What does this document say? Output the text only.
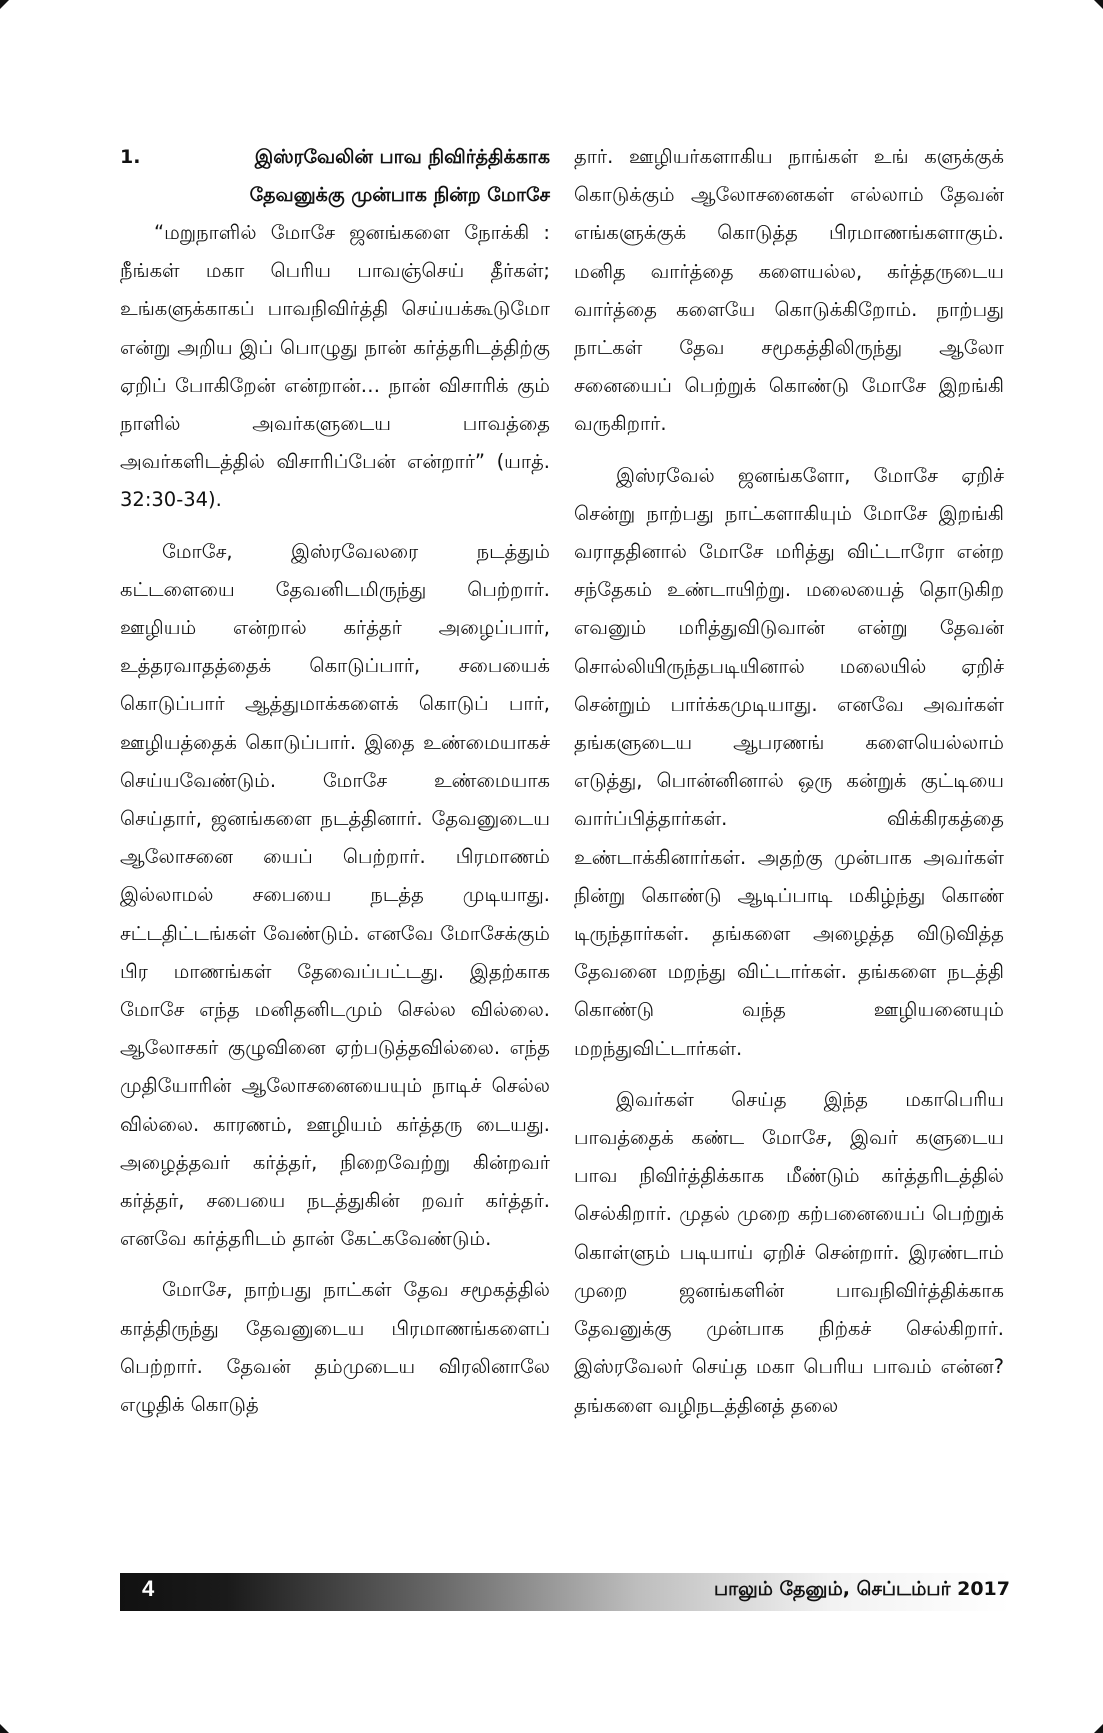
1.	இஸ்ரவேலின் பாவ நிவிர்த்திக்காக
தேவனுக்கு முன்பாக நின்ற மோசே

“மறுநாளில் மோசே ஜனங்களை நோக்கி : நீங்கள் மகா பெரிய பாவஞ்செய் தீர்கள்; உங்களுக்காகப் பாவநிவிர்த்தி செய்யக்கூடுமோ என்று அறிய இப் பொழுது நான் கர்த்தரிடத்திற்கு ஏறிப் போகிறேன் என்றான்… நான் விசாரிக் கும் நாளில் அவர்களுடைய பாவத்தை அவர்களிடத்தில் விசாரிப்பேன் என்றார்” (யாத். 32:30-34).

மோசே, இஸ்ரவேலரை நடத்தும் கட்டளையை தேவனிடமிருந்து பெற்றார். ஊழியம் என்றால் கர்த்தர் அழைப்பார், உத்தரவாதத்தைக் கொடுப்பார், சபையைக் கொடுப்பார் ஆத்துமாக்களைக் கொடுப் பார், ஊழியத்தைக் கொடுப்பார். இதை உண்மையாகச் செய்யவேண்டும். மோசே உண்மையாக செய்தார், ஜனங்களை நடத்தினார். தேவனுடைய ஆலோசனை யைப் பெற்றார். பிரமாணம் இல்லாமல் சபையை நடத்த முடியாது. சட்டதிட்டங்கள் வேண்டும். எனவே மோசேக்கும் பிர மாணங்கள் தேவைப்பட்டது. இதற்காக மோசே எந்த மனிதனிடமும் செல்ல வில்லை. ஆலோசகர் குழுவினை ஏற்படுத்தவில்லை. எந்த முதியோரின் ஆலோசனையையும் நாடிச் செல்ல வில்லை. காரணம், ஊழியம் கர்த்தரு டையது. அழைத்தவர் கர்த்தர், நிறைவேற்று கின்றவர் கர்த்தர், சபையை நடத்துகின் றவர் கர்த்தர். எனவே கர்த்தரிடம் தான் கேட்கவேண்டும்.

மோசே, நாற்பது நாட்கள் தேவ சமூகத்தில் காத்திருந்து தேவனுடைய பிரமாணங்களைப் பெற்றார். தேவன் தம்முடைய விரலினாலே எழுதிக் கொடுத்

தார். ஊழியர்களாகிய நாங்கள் உங் களுக்குக் கொடுக்கும் ஆலோசனைகள் எல்லாம் தேவன் எங்களுக்குக் கொடுத்த பிரமாணங்களாகும். மனித வார்த்தை களையல்ல, கர்த்தருடைய வார்த்தை களையே கொடுக்கிறோம். நாற்பது நாட்கள் தேவ சமூகத்திலிருந்து ஆலோ சனையைப் பெற்றுக் கொண்டு மோசே இறங்கி வருகிறார்.

இஸ்ரவேல் ஜனங்களோ, மோசே ஏறிச் சென்று நாற்பது நாட்களாகியும் மோசே இறங்கி வராததினால் மோசே மரித்து விட்டாரோ என்ற சந்தேகம் உண்டாயிற்று. மலையைத் தொடுகிற எவனும் மரித்துவிடுவான் என்று தேவன் சொல்லியிருந்தபடியினால் மலையில் ஏறிச் சென்றும் பார்க்கமுடியாது. எனவே அவர்கள் தங்களுடைய ஆபரணங் களையெல்லாம் எடுத்து, பொன்னினால் ஒரு கன்றுக் குட்டியை வார்ப்பித்தார்கள். விக்கிரகத்தை உண்டாக்கினார்கள். அதற்கு முன்பாக அவர்கள் நின்று கொண்டு ஆடிப்பாடி மகிழ்ந்து கொண் டிருந்தார்கள். தங்களை அழைத்த விடுவித்த தேவனை மறந்து விட்டார்கள். தங்களை நடத்தி கொண்டு வந்த ஊழியனையும் மறந்துவிட்டார்கள்.

இவர்கள் செய்த இந்த மகாபெரிய பாவத்தைக் கண்ட மோசே, இவர் களுடைய பாவ நிவிர்த்திக்காக மீண்டும் கர்த்தரிடத்தில் செல்கிறார். முதல் முறை கற்பனையைப் பெற்றுக் கொள்ளும் படியாய் ஏறிச் சென்றார். இரண்டாம் முறை ஜனங்களின் பாவநிவிர்த்திக்காக தேவனுக்கு முன்பாக நிற்கச் செல்கிறார். இஸ்ரவேலர் செய்த மகா பெரிய பாவம் என்ன? தங்களை வழிநடத்தினத் தலை

4	பாலும் தேனும், செப்டம்பர் 2017
